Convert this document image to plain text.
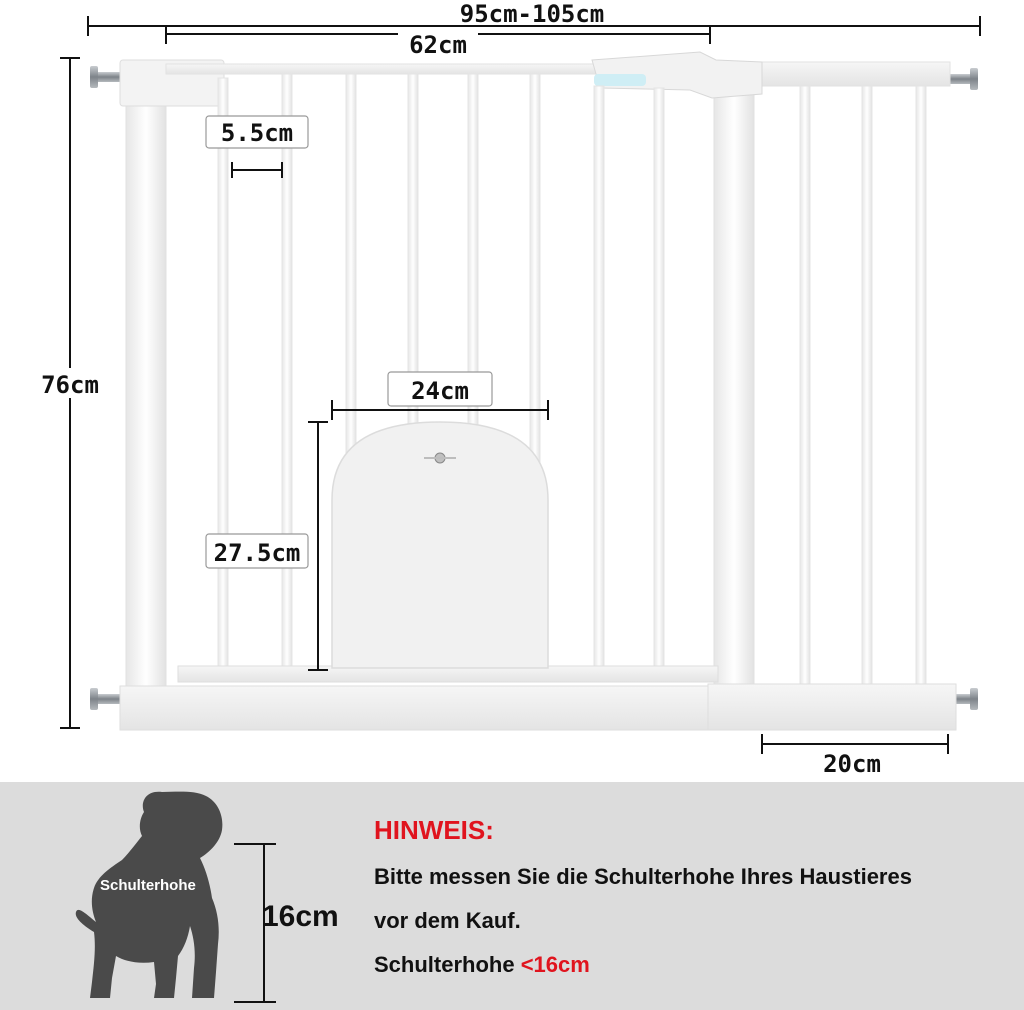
95cm-105cm
62cm
76cm
5.5cm
24cm
27.5cm
20cm
Schulterhohe
16cm
HINWEIS:
Bitte messen Sie die Schulterhohe Ihres Haustieres
vor dem Kauf.
Schulterhohe <16cm
